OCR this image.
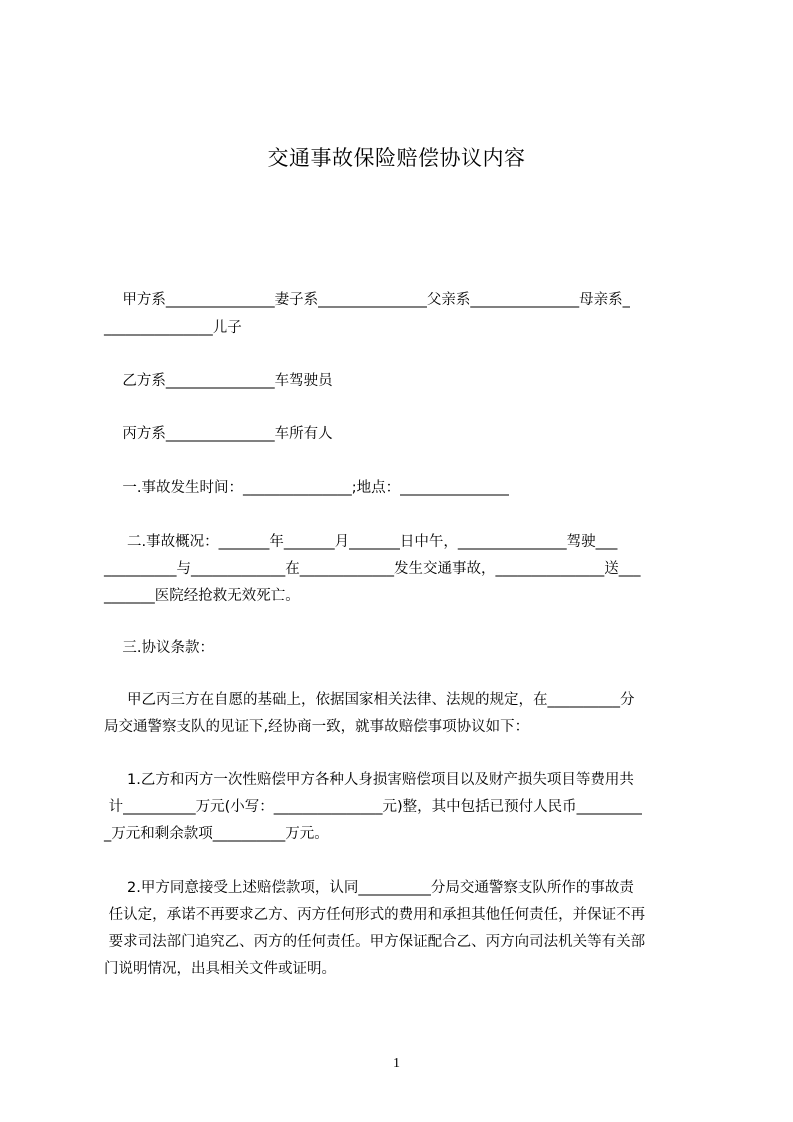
交通事故保险赔偿协议内容
甲方系_______________妻子系_______________父亲系_______________母亲系_
_______________儿子
乙方系_______________车驾驶员
丙方系_______________车所有人
一.事故发生时间：_______________;地点：_______________
二.事故概况：_______年_______月_______日中午，_______________驾驶___
__________与_____________在_____________发生交通事故，_______________送___
_______医院经抢救无效死亡。
三.协议条款：
甲乙丙三方在自愿的基础上，依据国家相关法律、法规的规定，在__________分
局交通警察支队的见证下,经协商一致，就事故赔偿事项协议如下：
1.乙方和丙方一次性赔偿甲方各种人身损害赔偿项目以及财产损失项目等费用共
计__________万元(小写：_______________元)整，其中包括已预付人民币_________
_万元和剩余款项__________万元。
2.甲方同意接受上述赔偿款项，认同__________分局交通警察支队所作的事故责
任认定，承诺不再要求乙方、丙方任何形式的费用和承担其他任何责任，并保证不再
要求司法部门追究乙、丙方的任何责任。甲方保证配合乙、丙方向司法机关等有关部
门说明情况，出具相关文件或证明。
1
